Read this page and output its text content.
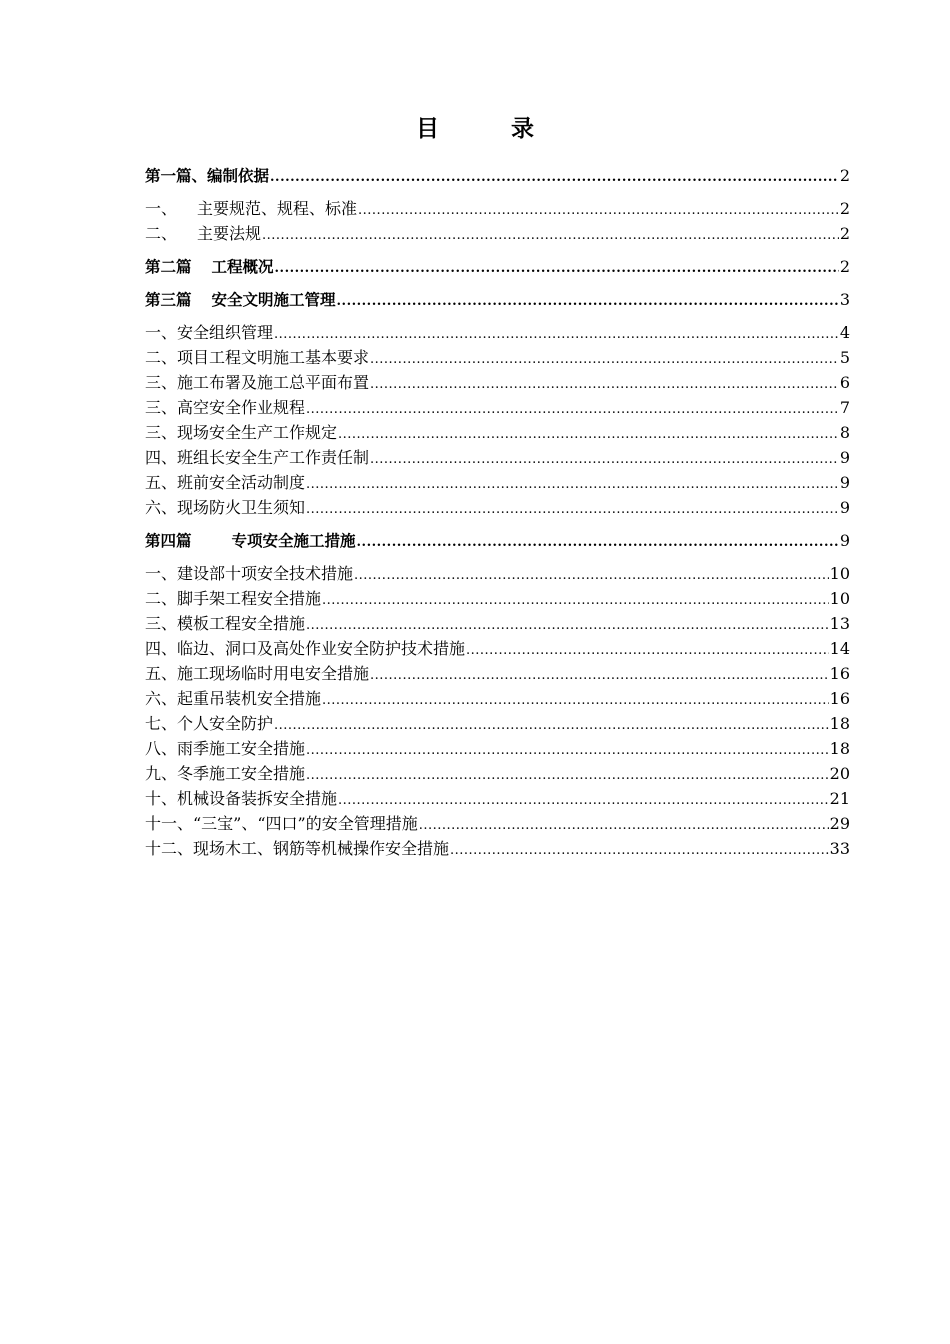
目	录
第一篇、编制依据 .....	2
一、 主要规范、规程、标准 .....	2
二、 主要法规 .....	2
第二篇 工程概况 .....	2
第三篇 安全文明施工管理 .....	3
一、安全组织管理 .....	4
二、项目工程文明施工基本要求 .....	5
三、施工布署及施工总平面布置 .....	6
三、高空安全作业规程 .....	7
三、现场安全生产工作规定 .....	8
四、班组长安全生产工作责任制 .....	9
五、班前安全活动制度 .....	9
六、现场防火卫生须知 .....	9
第四篇	专项安全施工措施 .....	9
一、建设部十项安全技术措施 .....	10
二、脚手架工程安全措施 .....	10
三、模板工程安全措施 .....	13
四、临边、洞口及高处作业安全防护技术措施 .....	14
五、施工现场临时用电安全措施 .....	16
六、起重吊装机安全措施 .....	16
七、个人安全防护 .....	18
八、雨季施工安全措施 .....	18
九、冬季施工安全措施 .....	20
十、机械设备装拆安全措施 .....	21
十一、“三宝”、“四口”的安全管理措施 .....	29
十二、现场木工、钢筋等机械操作安全措施 .....	33
